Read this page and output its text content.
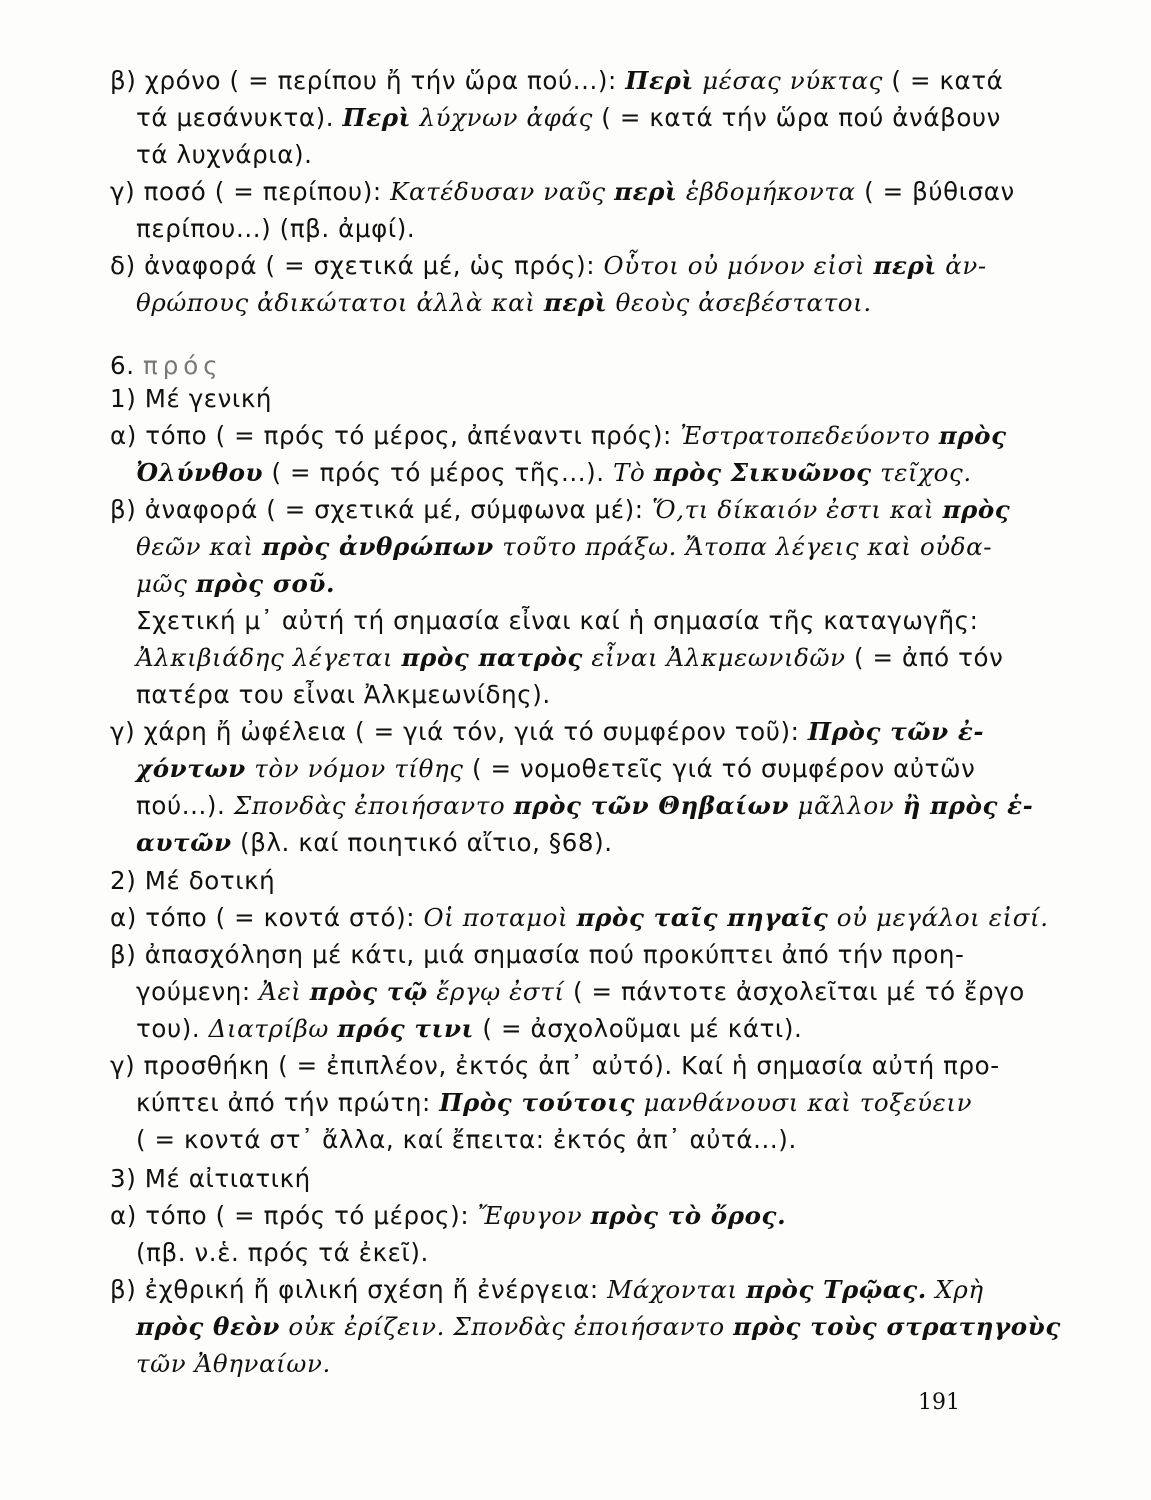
β) χρόνο ( = περίπου ἤ τήν ὥρα πού...): Περὶ μέσας νύκτας ( = κατά
τά μεσάνυκτα). Περὶ λύχνων ἀφάς ( = κατά τήν ὥρα πού ἀνάβουν
τά λυχνάρια).
γ) ποσό ( = περίπου): Κατέδυσαν ναῦς περὶ ἑβδομήκοντα ( = βύθισαν
περίπου...) (πβ. ἀμφί).
δ) ἀναφορά ( = σχετικά μέ, ὡς πρός): Οὗτοι οὐ μόνον εἰσὶ περὶ ἀν-
θρώπους ἀδικώτατοι ἀλλὰ καὶ περὶ θεοὺς ἀσεβέστατοι.
6. πρός
1) Μέ γενική
α) τόπο ( = πρός τό μέρος, ἀπέναντι πρός): Ἐστρατοπεδεύοντο πρὸς
Ὀλύνθου ( = πρός τό μέρος τῆς...). Τὸ πρὸς Σικυῶνος τεῖχος.
β) ἀναφορά ( = σχετικά μέ, σύμφωνα μέ): Ὅ,τι δίκαιόν ἐστι καὶ πρὸς
θεῶν καὶ πρὸς ἀνθρώπων τοῦτο πράξω. Ἄτοπα λέγεις καὶ οὐδα-
μῶς πρὸς σοῦ.
Σχετική μ᾿ αὐτή τή σημασία εἶναι καί ἡ σημασία τῆς καταγωγῆς:
Ἀλκιβιάδης λέγεται πρὸς πατρὸς εἶναι Ἀλκμεωνιδῶν ( = ἀπό τόν
πατέρα του εἶναι Ἀλκμεωνίδης).
γ) χάρη ἤ ὠφέλεια ( = γιά τόν, γιά τό συμφέρον τοῦ): Πρὸς τῶν ἐ-
χόντων τὸν νόμον τίθης ( = νομοθετεῖς γιά τό συμφέρον αὐτῶν
πού...). Σπονδὰς ἐποιήσαντο πρὸς τῶν Θηβαίων μᾶλλον ἢ πρὸς ἑ-
αυτῶν (βλ. καί ποιητικό αἴτιο, §68).
2) Μέ δοτική
α) τόπο ( = κοντά στό): Οἱ ποταμοὶ πρὸς ταῖς πηγαῖς οὐ μεγάλοι εἰσί.
β) ἀπασχόληση μέ κάτι, μιά σημασία πού προκύπτει ἀπό τήν προη-
γούμενη: Ἀεὶ πρὸς τῷ ἔργῳ ἐστί ( = πάντοτε ἀσχολεῖται μέ τό ἔργο
του). Διατρίβω πρός τινι ( = ἀσχολοῦμαι μέ κάτι).
γ) προσθήκη ( = ἐπιπλέον, ἐκτός ἀπ᾿ αὐτό). Καί ἡ σημασία αὐτή προ-
κύπτει ἀπό τήν πρώτη: Πρὸς τούτοις μανθάνουσι καὶ τοξεύειν
( = κοντά στ᾿ ἄλλα, καί ἔπειτα: ἐκτός ἀπ᾿ αὐτά...).
3) Μέ αἰτιατική
α) τόπο ( = πρός τό μέρος): Ἔφυγον πρὸς τὸ ὄρος.
(πβ. ν.ἑ. πρός τά ἐκεῖ).
β) ἐχθρική ἤ φιλική σχέση ἤ ἐνέργεια: Μάχονται πρὸς Τρῷας. Χρὴ
πρὸς θεὸν οὐκ ἐρίζειν. Σπονδὰς ἐποιήσαντο πρὸς τοὺς στρατηγοὺς
τῶν Ἀθηναίων.
191
